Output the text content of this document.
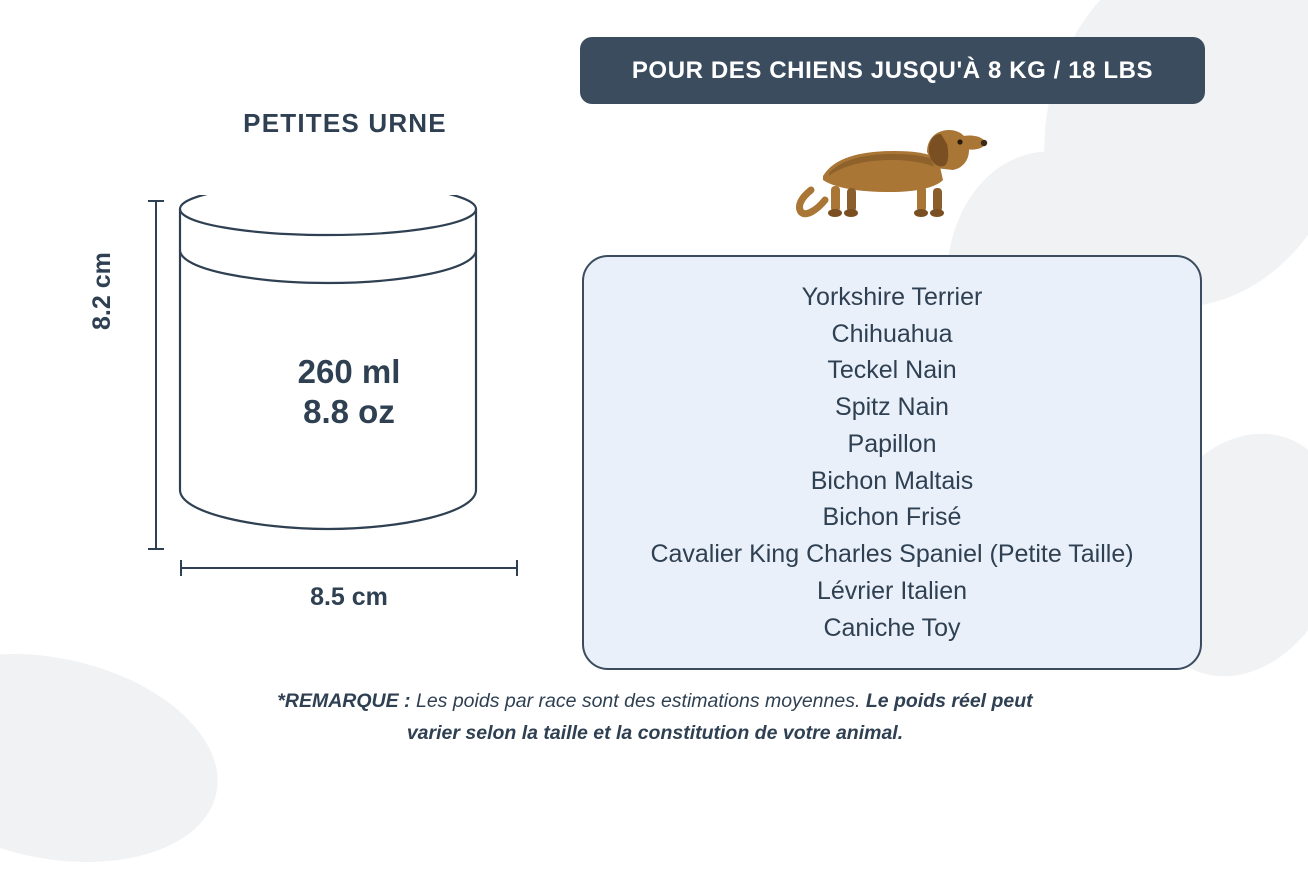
PETITES URNE
260 ml
8.8 oz
8.2 cm
8.5 cm
POUR DES CHIENS JUSQU'À 8 KG / 18 LBS
Yorkshire Terrier
Chihuahua
Teckel Nain
Spitz Nain
Papillon
Bichon Maltais
Bichon Frisé
Cavalier King Charles Spaniel (Petite Taille)
Lévrier Italien
Caniche Toy
*REMARQUE : Les poids par race sont des estimations moyennes. Le poids réel peut
varier selon la taille et la constitution de votre animal.
